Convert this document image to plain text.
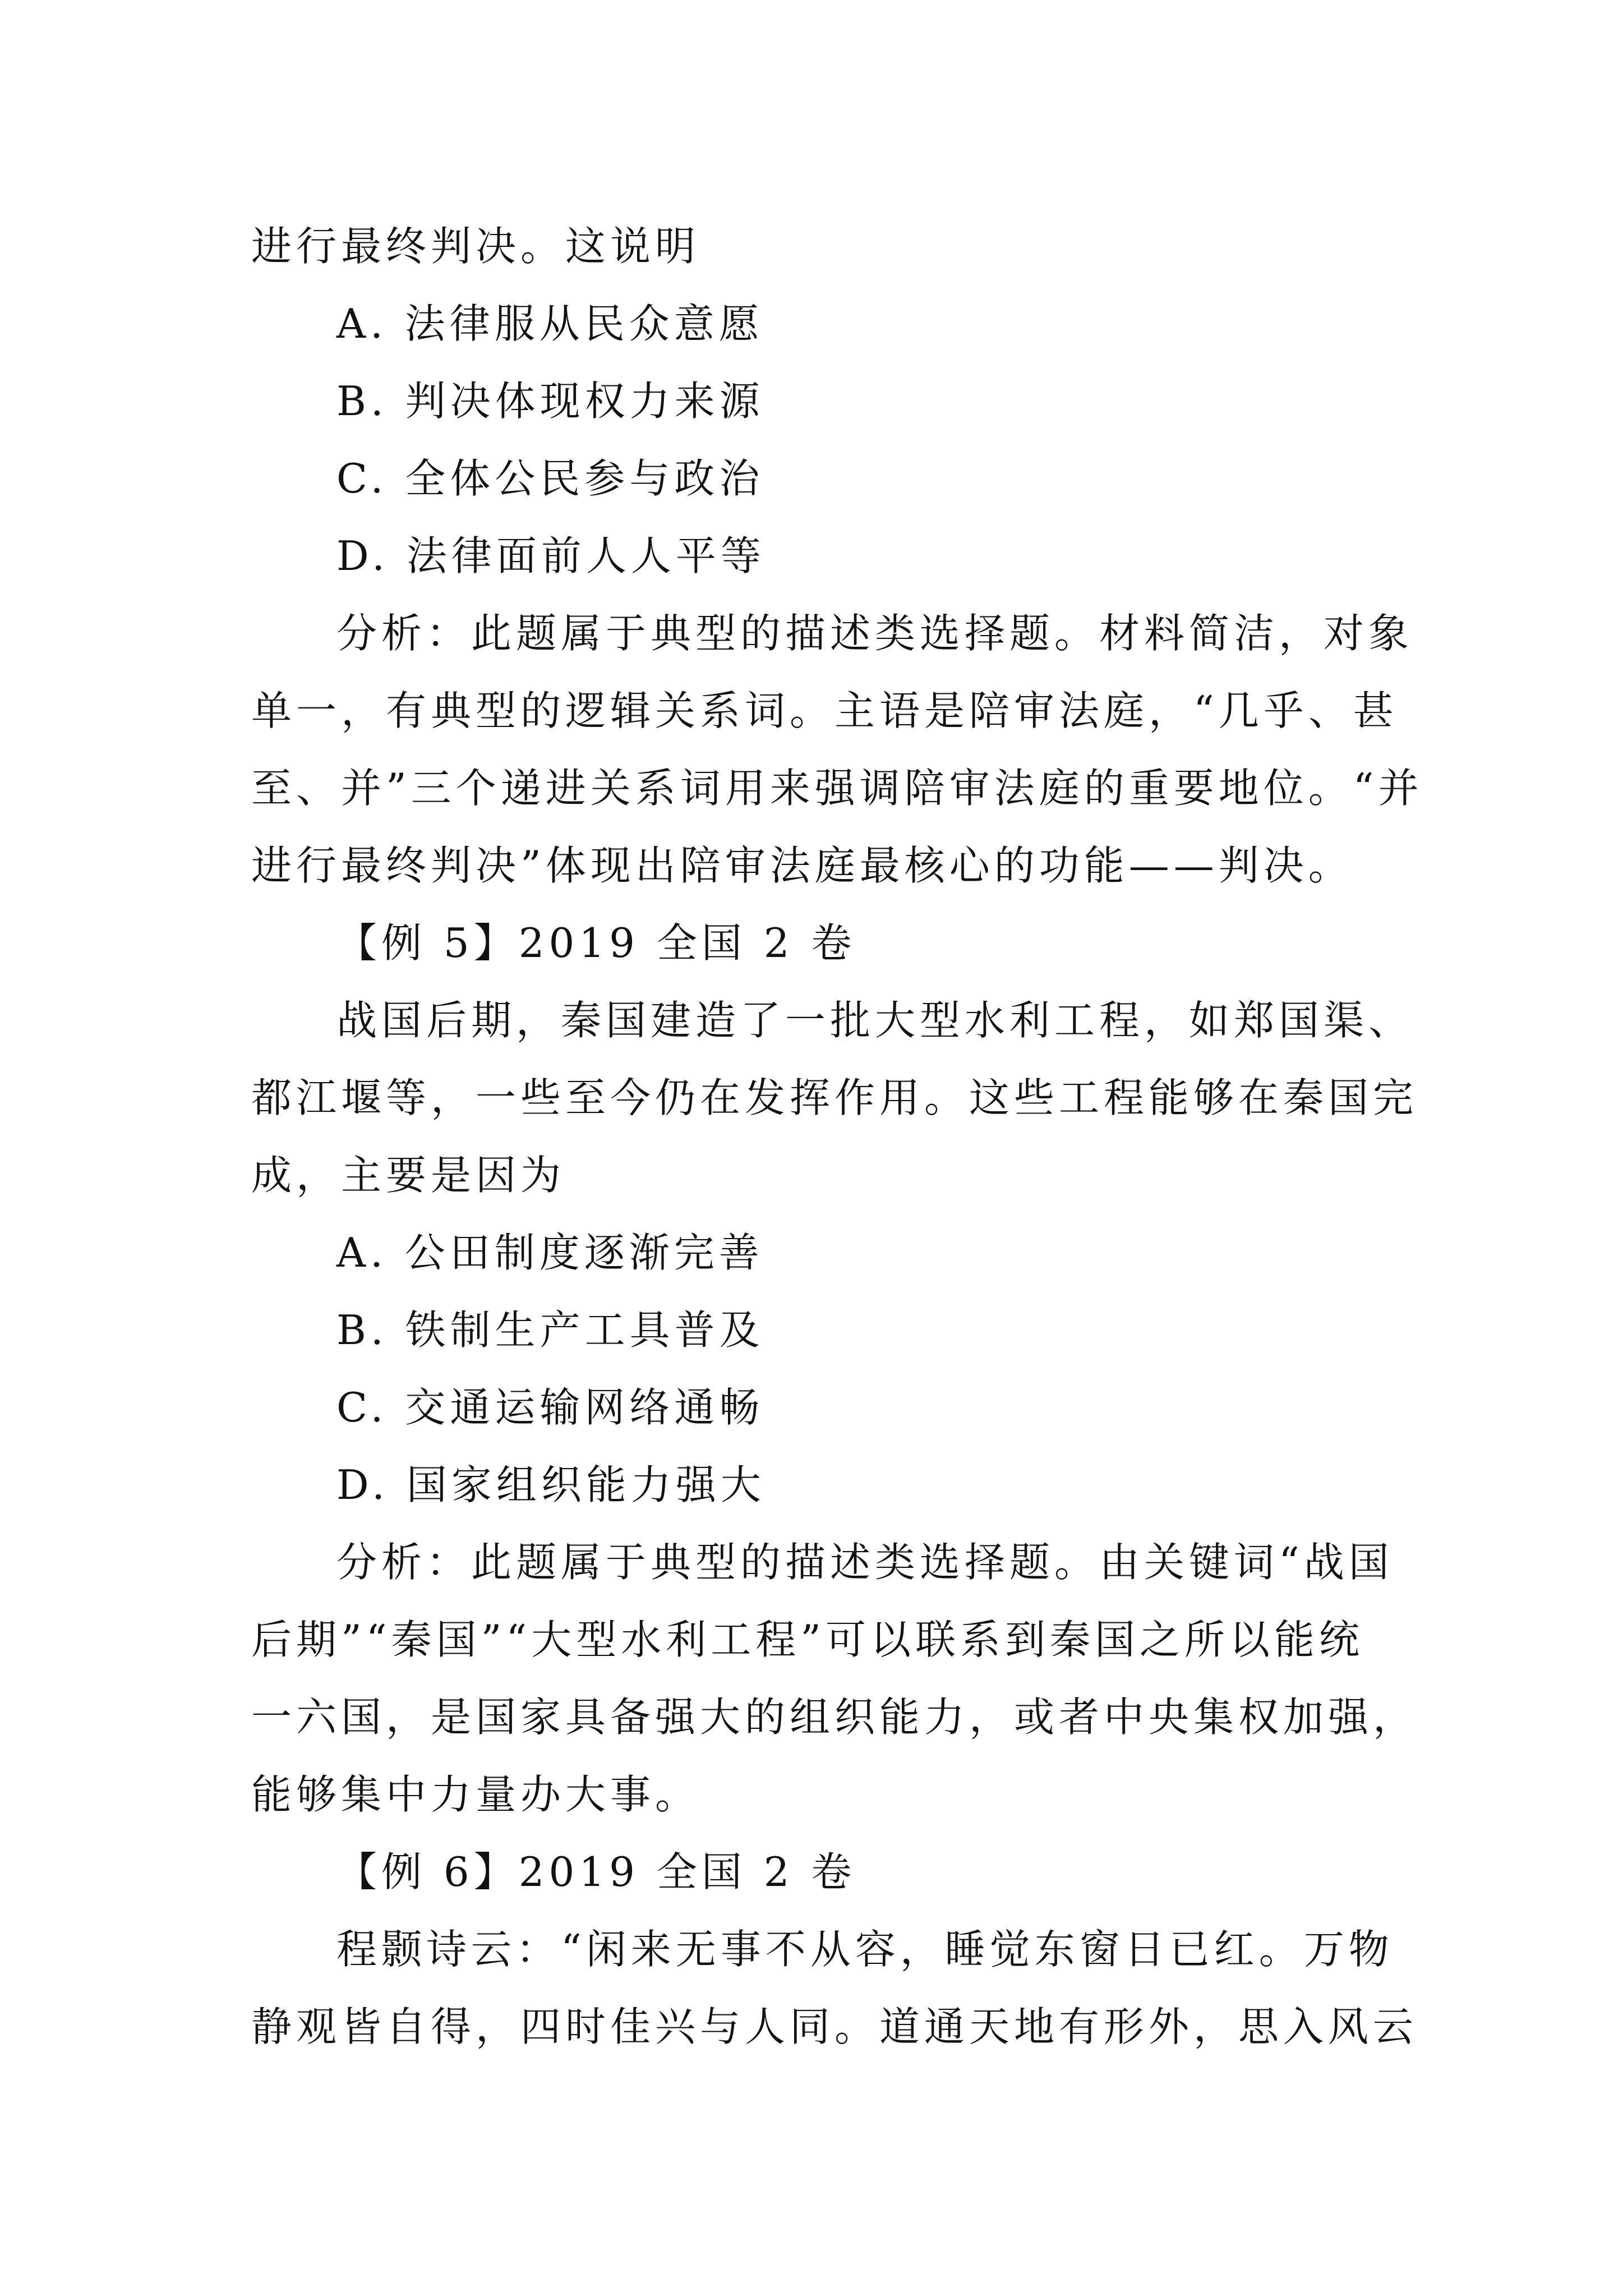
进行最终判决。这说明

A. 法律服从民众意愿

B. 判决体现权力来源

C. 全体公民参与政治

D. 法律面前人人平等

分析：此题属于典型的描述类选择题。材料简洁，对象

单一，有典型的逻辑关系词。主语是陪审法庭，“几乎、甚

至、并”三个递进关系词用来强调陪审法庭的重要地位。“并

进行最终判决”体现出陪审法庭最核心的功能——判决。

【例 5】2019 全国 2 卷

战国后期，秦国建造了一批大型水利工程，如郑国渠、

都江堰等，一些至今仍在发挥作用。这些工程能够在秦国完

成，主要是因为

A. 公田制度逐渐完善

B. 铁制生产工具普及

C. 交通运输网络通畅

D. 国家组织能力强大

分析：此题属于典型的描述类选择题。由关键词“战国

后期”“秦国”“大型水利工程”可以联系到秦国之所以能统

一六国，是国家具备强大的组织能力，或者中央集权加强，

能够集中力量办大事。

【例 6】2019 全国 2 卷

程颢诗云：“闲来无事不从容，睡觉东窗日已红。万物

静观皆自得，四时佳兴与人同。道通天地有形外，思入风云
